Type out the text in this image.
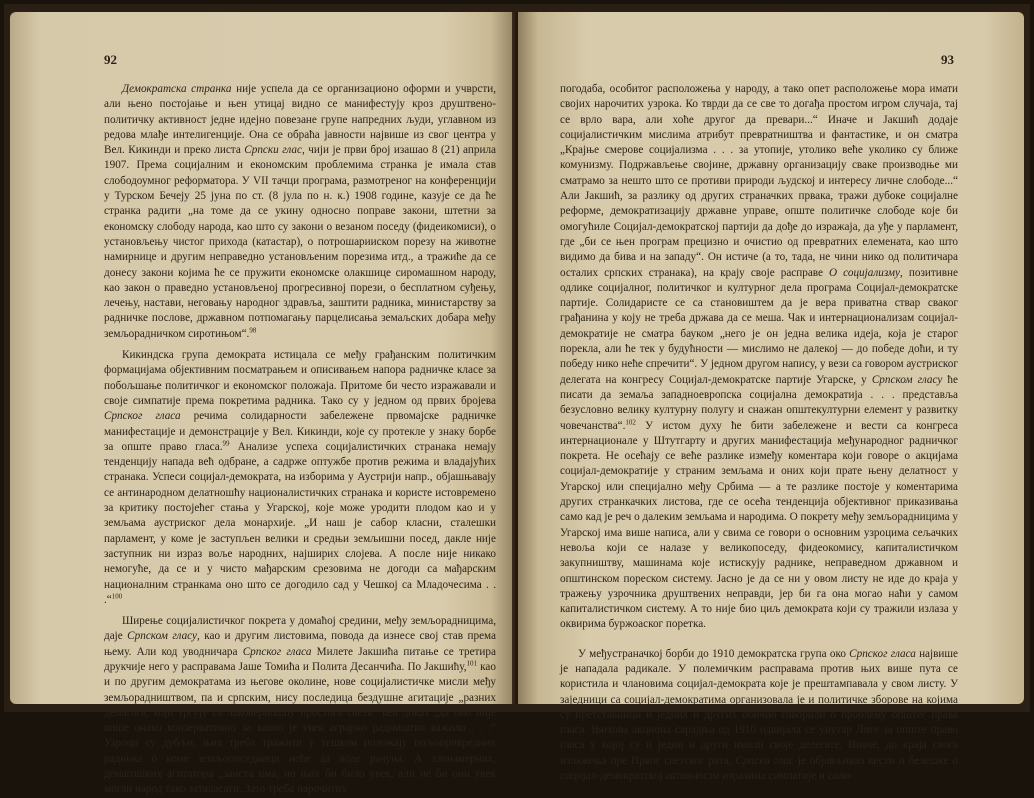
92

Демократска странка није успела да се организационо оформи и учврсти, али њено постојање и њен утицај видно се манифестују кроз друштвено-политичку активност једне идејно повезане групе напредних људи, углавном из редова млађе интелигенције. Она се обраћа јавности највише из свог центра у Вел. Кикинди и преко листа Српски глас, чији је први број изашао 8 (21) априла 1907. Према социјалним и економским проблемима странка је имала став слободоумног реформатора. У VII тачци програма, размотреног на конференцији у Турском Бечеју 25 јуна по ст. (8 јула по н. к.) 1908 године, казује се да ће странка радити „на томе да се укину односно поправе закони, штетни за економску слободу народа, као што су закони о везаном поседу (фидеикомиси), о установљењу чистог прихода (катастар), о потрошарииском порезу на животне намирнице и другим неправедно установљеним порезима итд., а тражиће да се донесу закони којима ће се пружити економске олакшице сиромашном народу, као закон о праведно установљеној прогресивној порези, о бесплатном суђењу, лечењу, настави, неговању народног здравља, заштити радника, министарству за радничке послове, државном потпомагању парцелисања земаљских добара међу земљорадничком сиротињом“.$^{98}$

Кикиндска група демократа истицала се међу грађанским политичким формацијама објективним посматрањем и описивањем напора радничке класе за побољшање политичког и економског положаја. Притоме би често изражавали и своје симпатије према покретима радника. Тако су у једном од првих бројева Српског гласа речима солидарности забележене првомајске радничке манифестације и демонстрације у Вел. Кикинди, које су протекле у знаку борбе за опште право гласа.$^{99}$ Анализе успеха социјалистичких странака немају тенденцију напада већ одбране, а садрже оптужбе против режима и владајућих странака. Успеси социјал-демократа, на изборима у Аустрији напр., објашњавају се антинародном делатношћу националистичких странака и користе истовремено за критику постојећег стања у Угарској, које може уродити плодом као и у земљама аустриског дела монархије. „И наш је сабор класни, сталешки парламент, у коме је заступљен велики и средњи земљишни посед, дакле није заступник ни израз воље народних, најширих слојева. А после није никако немогуће, да се и у чисто мађарским срезовима не догоди са мађарским националним странкама оно што се догодило сад у Чешкој са Младочесима . . .“$^{100}$

Ширење социјалистичког покрета у домаћој средини, међу земљорадницима, даје Српском гласу, као и другим листовима, повода да изнесе свој став према њему. Али код уводничара Српског гласа Милете Јакшића питање се третира друкчије него у расправама Јаше Томића и Полита Десанчића. По Јакшићу,$^{101}$ као и по другим демократама из његове околине, нове социјалистичке мисли међу земљорадништвом, па и српским, нису последица бездушне агитације „разних демагога, који тргују са лаковерношћу простога света“ већ доказ „да оно није више онако конзервативно за какво је увек аграрно радништво важило . . .“ Узроци су дубљи, њих треба тражити у тешком положају пољопривредних радника о коме земљопоседници неће да воде рачуна. А злонамерних, демагошких агитатора „заиста има, но њих би било увек, али не би они увек могли народ тако заталасати. Зато треба нарочитих

93

погодаба, особитог расположења у народу, а тако опет расположење мора имати својих нарочитих узрока. Ко тврди да се све то догађа простом игром случаја, тај се врло вара, али хоће другог да превари...“ Иначе и Јакшић додаје социјалистичким мислима атрибут превратништва и фантастике, и он сматра „Крајње смерове социјализма . . . за утопије, утолико веће уколико су ближе комунизму. Подржављење својине, државну организацију сваке производње ми сматрамо за нешто што се противи природи људској и интересу личне слободе...“ Али Јакшић, за разлику од других страначких првака, тражи дубоке социјалне реформе, демократизацију државне управе, опште политичке слободе које би омогућиле Социјал-демократској партији да дође до изражаја, да уђе у парламент, где „би се њен програм прецизно и очистио од превратних елемената, као што видимо да бива и на западу“. Он истиче (а то, тада, не чини нико од политичара осталих српских странака), на крају своје расправе О социјализму, позитивне одлике социјалног, политичког и културног дела програма Социјал-демократске партије. Солидаристе се са становиштем да је вера приватна ствар сваког грађанина у коју не треба држава да се меша. Чак и интернационализам социјал-демократије не сматра бауком „него је он једна велика идеја, која је старог порекла, али ће тек у будућности — мислимо не далекој — до победе доћи, и ту победу нико неће спречити“. У једном другом напису, у вези са говором аустриског делегата на конгресу Социјал-демократске партије Угарске, у Српском гласу ће писати да земаља западноевропска социјална демократија . . . представља безусловно велику културну полугу и снажан општекултурни елемент у развитку човечанства“.$^{102}$ У истом духу ће бити забележене и вести са конгреса интернационале у Штутгарту и других манифестација међународног радничког покрета. Не осећају се веће разлике између коментара који говоре о акцијама социјал-демократије у страним земљама и оних који прате њену делатност у Угарској или специјално међу Србима — а те разлике постоје у коментарима других странкачких листова, где се осећа тенденција објективног приказивања само кад је реч о далеким земљама и народима. О покрету међу земљорадницима у Угарској има више написа, али у свима се говори о основним узроцима сељачких невоља који се налазе у великопоседу, фидеокомису, капиталистичком закупништву, машинама које истискују раднике, неправедном државном и општинском пореском систему. Јасно је да се ни у овом листу не иде до краја у тражењу узрочника друштвених неправди, јер би га она могао наћи у самом капиталистичком систему. А то није био циљ демократа који су тражили излаза у оквирима буржоаског поретка.

У међустраначкој борби до 1910 демократска група око Српског гласа највише је нападала радикале. У полемичким расправама против њих више пута се користила и члановима социјал-демократа које је прештампавала у свом листу. У заједници са социјал-демократима организовала је и политичке зборове на којима су претставници и једних и других обично говорили о проблему општег права гласа. Њихова акциона сарадња од 1910 одвијала се унутар Лиге за опште право гласа у којој су и једни и други имали своје делегате. Иначе, до краја свога излажења пре Првог светског рата, Српски глас је објављивао вести и белешке о социјал-демократској активности изразима симпатије и соли-
